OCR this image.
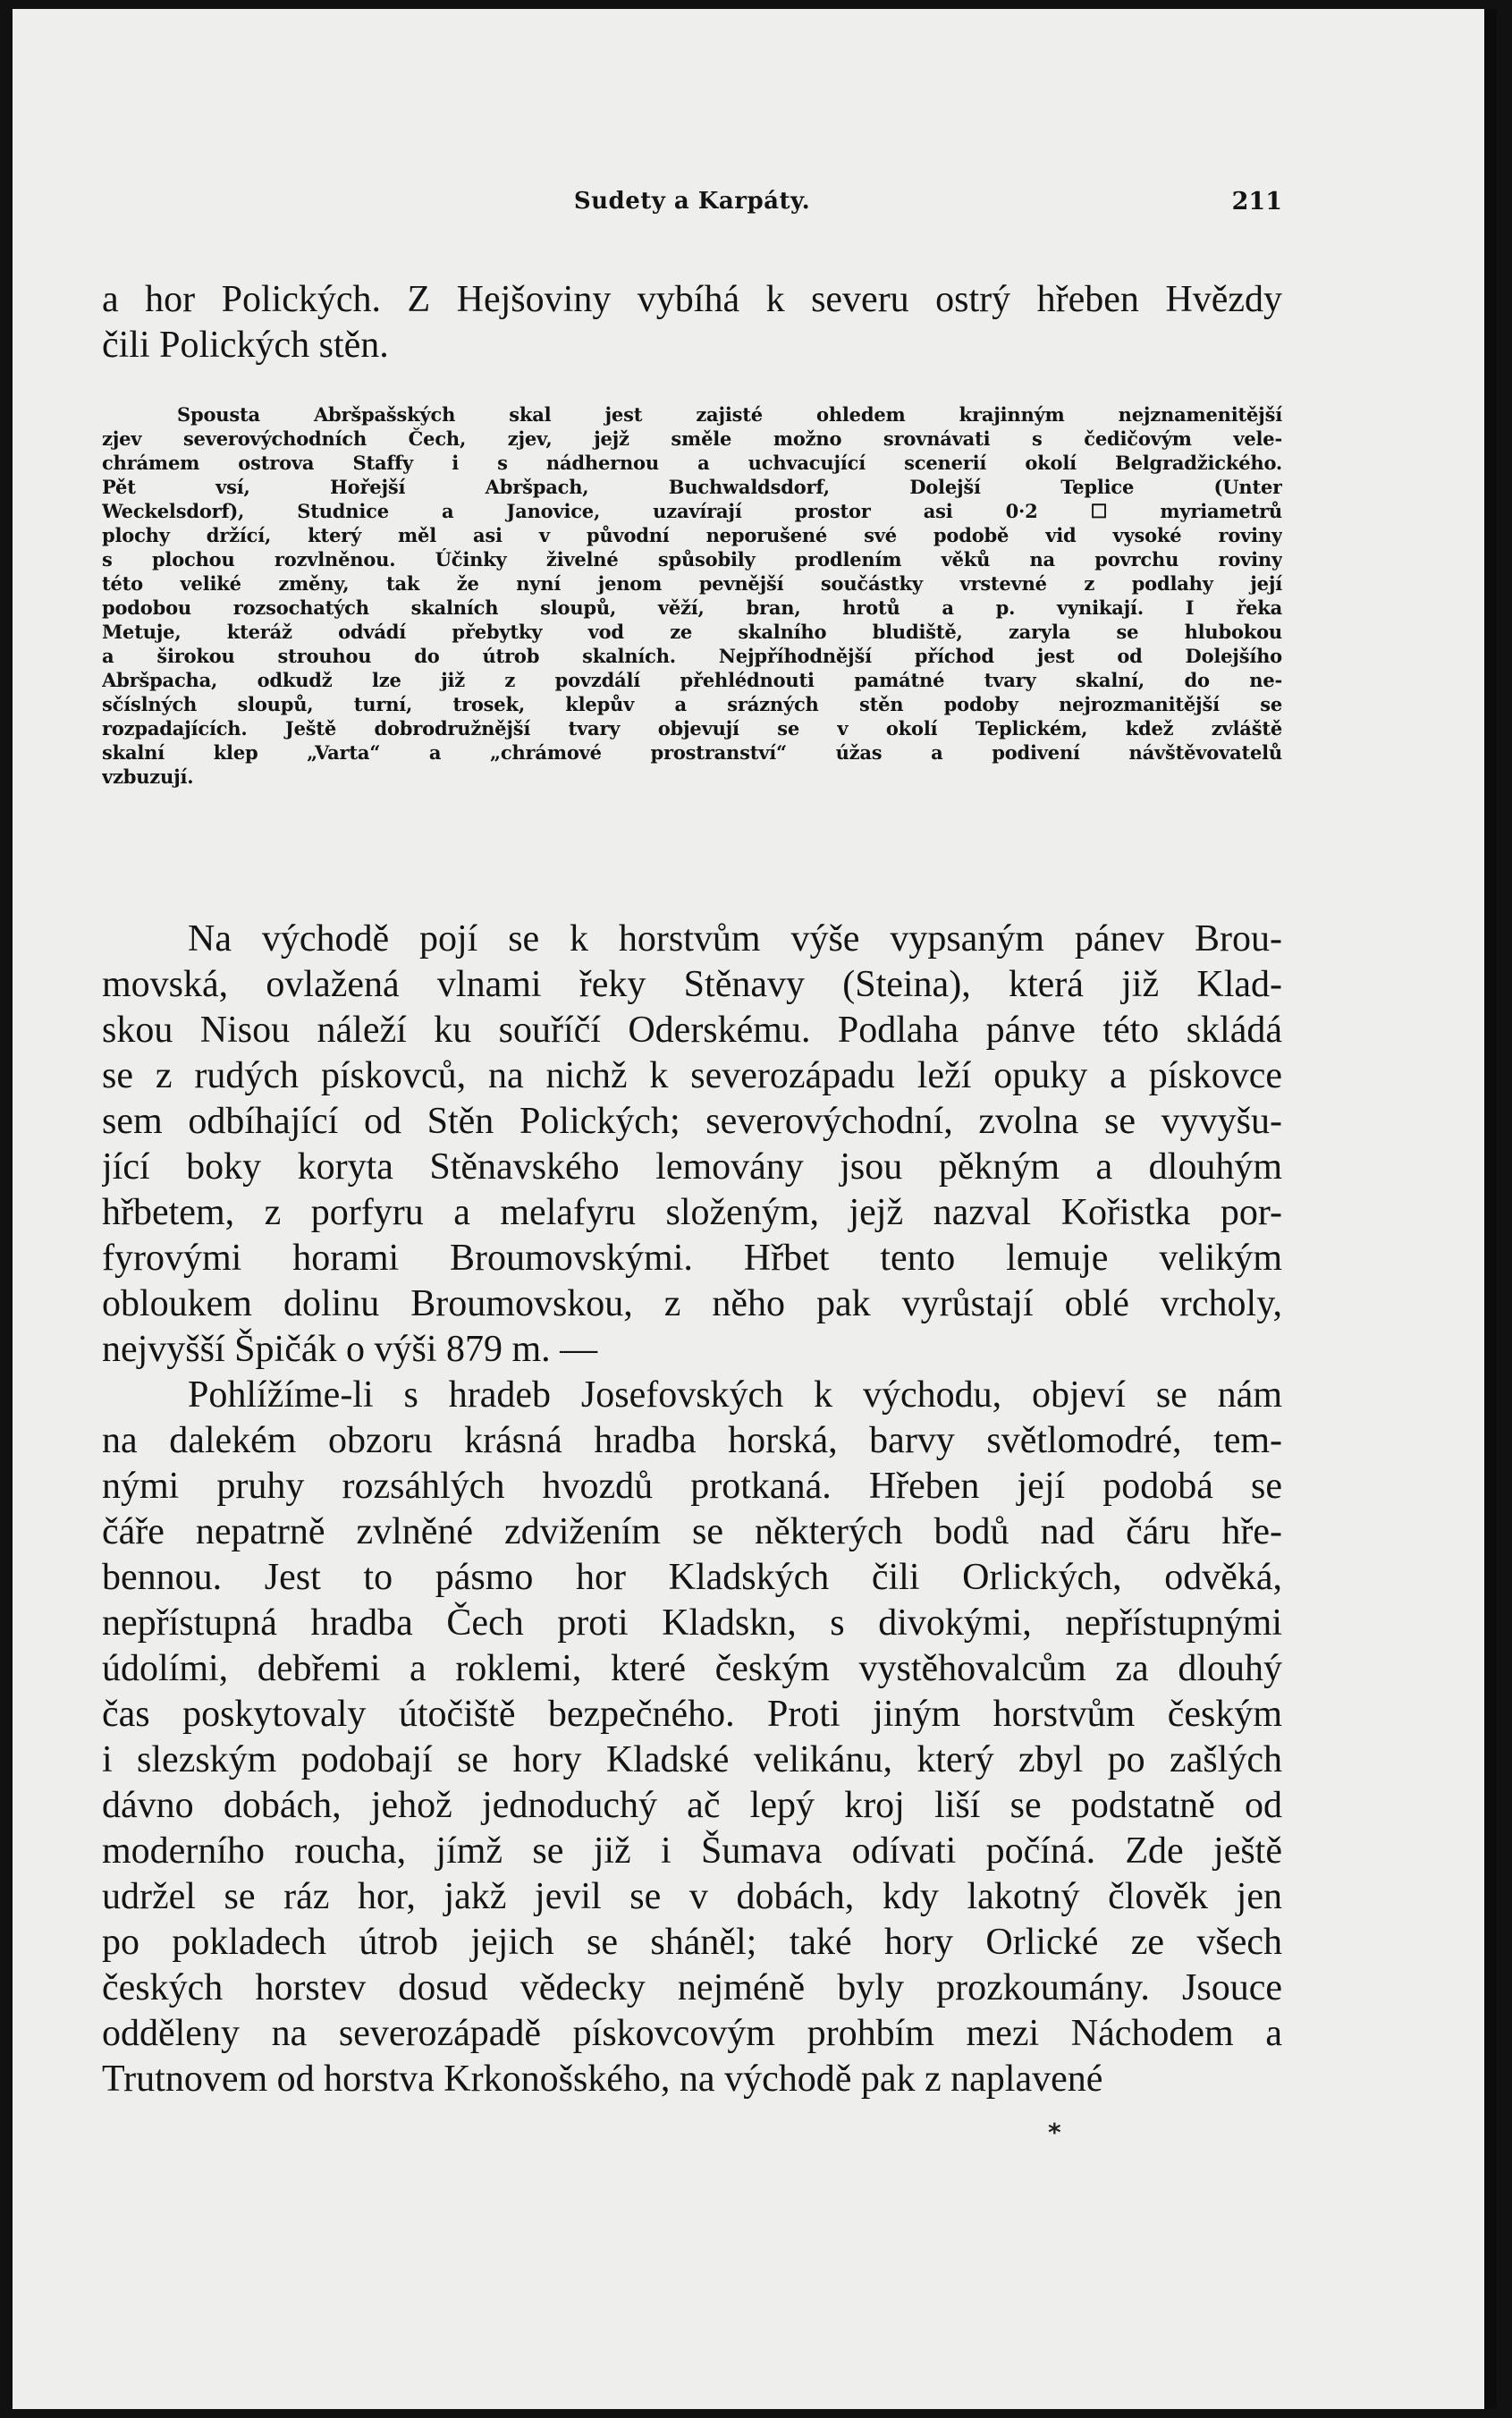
Sudety a Karpáty.	211
a hor Polických. Z Hejšoviny vybíhá k severu ostrý hřeben Hvězdy
čili Polických stěn.
Spousta Abršpašských skal jest zajisté ohledem krajinným nejznamenitější
zjev severovýchodních Čech, zjev, jejž směle možno srovnávati s čedičovým vele-
chrámem ostrova Staffy i s nádhernou a uchvacující scenerií okolí Belgradžického.
Pět vsí, Hořejší Abršpach, Buchwaldsdorf, Dolejší Teplice (Unter
Weckelsdorf), Studnice a Janovice, uzavírají prostor asi 0·2 ☐ myriametrů
plochy držící, který měl asi v původní neporušené své podobě vid vysoké roviny
s plochou rozvlněnou. Účinky živelné spůsobily prodlením věků na povrchu roviny
této veliké změny, tak že nyní jenom pevnější součástky vrstevné z podlahy její
podobou rozsochatých skalních sloupů, věží, bran, hrotů a p. vynikají. I řeka
Metuje, kteráž odvádí přebytky vod ze skalního bludiště, zaryla se hlubokou
a širokou strouhou do útrob skalních. Nejpříhodnější příchod jest od Dolejšího
Abršpacha, odkudž lze již z povzdálí přehlédnouti památné tvary skalní, do ne-
sčíslných sloupů, turní, trosek, klepův a srázných stěn podoby nejrozmanitější se
rozpadajících. Ještě dobrodružnější tvary objevují se v okolí Teplickém, kdež zvláště
skalní klep „Varta“ a „chrámové prostranství“ úžas a podivení návštěvovatelů
vzbuzují.
Na východě pojí se k horstvům výše vypsaným pánev Brou-
movská, ovlažená vlnami řeky Stěnavy (Steina), která již Klad-
skou Nisou náleží ku souříčí Oderskému. Podlaha pánve této skládá
se z rudých pískovců, na nichž k severozápadu leží opuky a pískovce
sem odbíhající od Stěn Polických; severovýchodní, zvolna se vyvyšu-
jící boky koryta Stěnavského lemovány jsou pěkným a dlouhým
hřbetem, z porfyru a melafyru složeným, jejž nazval Kořistka por-
fyrovými horami Broumovskými. Hřbet tento lemuje velikým
obloukem dolinu Broumovskou, z něho pak vyrůstají oblé vrcholy,
nejvyšší Špičák o výši 879 m. —
Pohlížíme-li s hradeb Josefovských k východu, objeví se nám
na dalekém obzoru krásná hradba horská, barvy světlomodré, tem-
nými pruhy rozsáhlých hvozdů protkaná. Hřeben její podobá se
čáře nepatrně zvlněné zdvižením se některých bodů nad čáru hře-
bennou. Jest to pásmo hor Kladských čili Orlických, odvěká,
nepřístupná hradba Čech proti Kladskn, s divokými, nepřístupnými
údolími, debřemi a roklemi, které českým vystěhovalcům za dlouhý
čas poskytovaly útočiště bezpečného. Proti jiným horstvům českým
i slezským podobají se hory Kladské velikánu, který zbyl po zašlých
dávno dobách, jehož jednoduchý ač lepý kroj liší se podstatně od
moderního roucha, jímž se již i Šumava odívati počíná. Zde ještě
udržel se ráz hor, jakž jevil se v dobách, kdy lakotný člověk jen
po pokladech útrob jejich se sháněl; také hory Orlické ze všech
českých horstev dosud vědecky nejméně byly prozkoumány. Jsouce
odděleny na severozápadě pískovcovým prohbím mezi Náchodem a
Trutnovem od horstva Krkonošského, na východě pak z naplavené
*
